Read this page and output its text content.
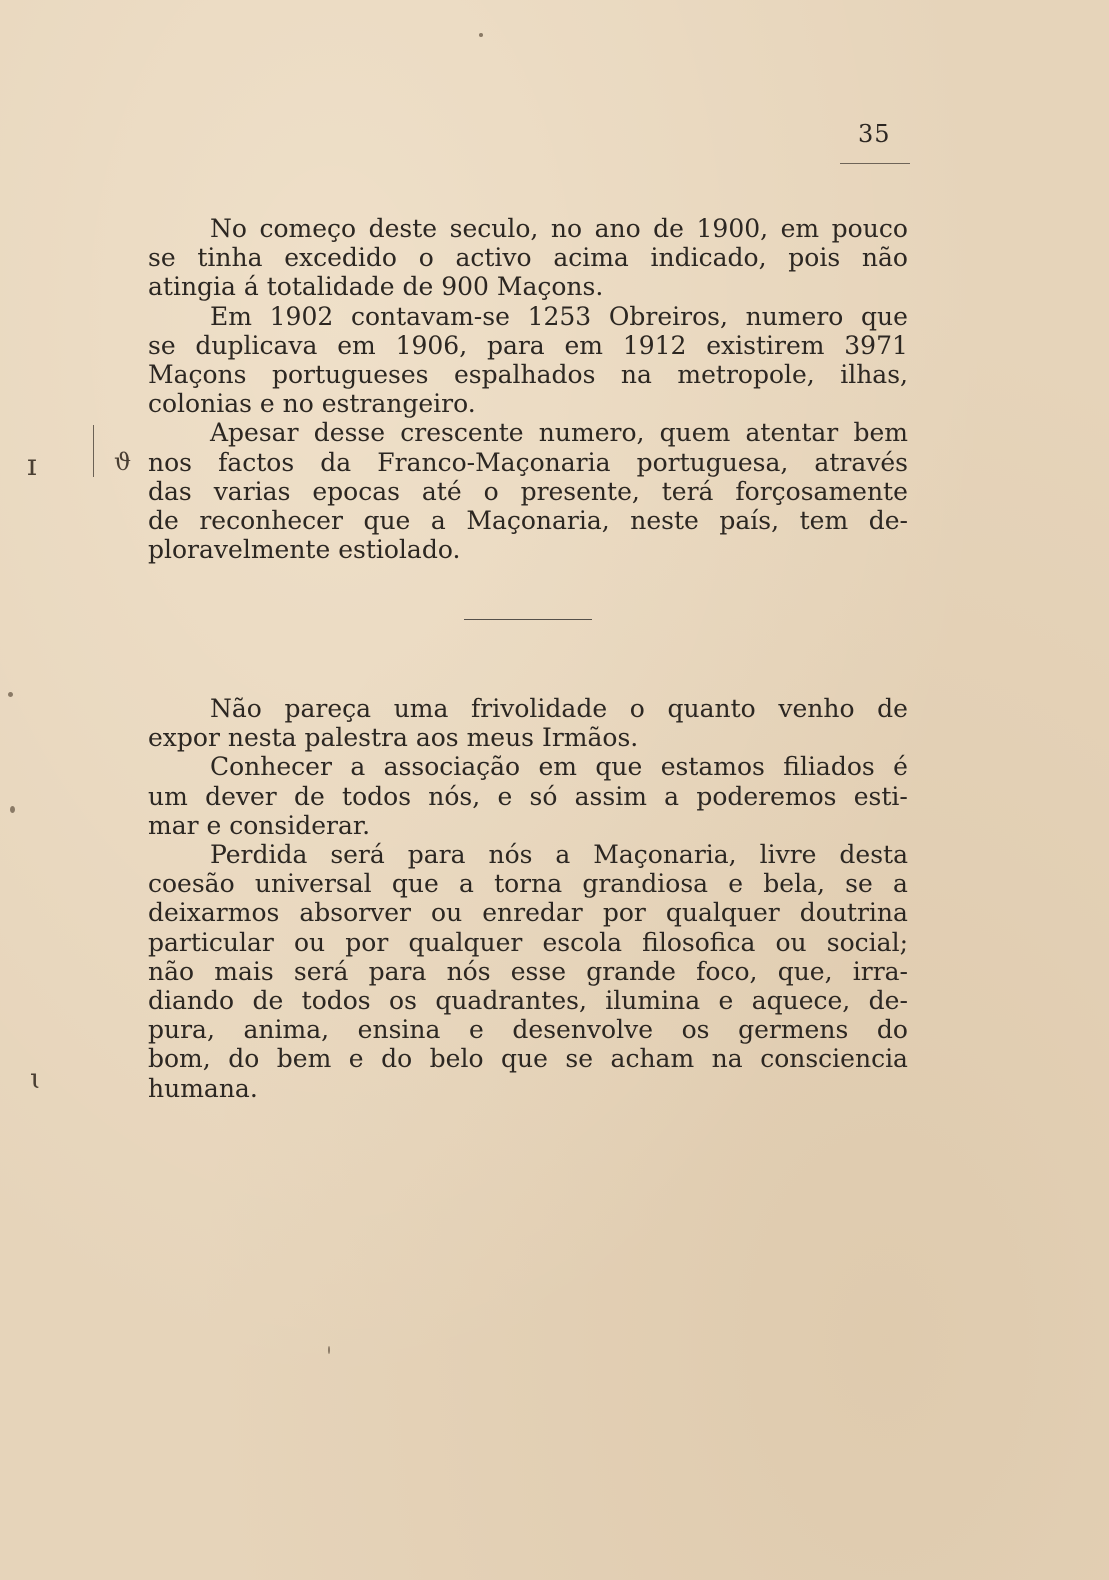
35
No começo deste seculo, no ano de 1900, em pouco
se tinha excedido o activo acima indicado, pois não
atingia á totalidade de 900 Maçons.
Em 1902 contavam-se 1253 Obreiros, numero que
se duplicava em 1906, para em 1912 existirem 3971
Maçons portugueses espalhados na metropole, ilhas,
colonias e no estrangeiro.
Apesar desse crescente numero, quem atentar bem
nos factos da Franco-Maçonaria portuguesa, através
das varias epocas até o presente, terá forçosamente
de reconhecer que a Maçonaria, neste país, tem de-
ploravelmente estiolado.
Não pareça uma frivolidade o quanto venho de
expor nesta palestra aos meus Irmãos.
Conhecer a associação em que estamos filiados é
um dever de todos nós, e só assim a poderemos esti-
mar e considerar.
Perdida será para nós a Maçonaria, livre desta
coesão universal que a torna grandiosa e bela, se a
deixarmos absorver ou enredar por qualquer doutrina
particular ou por qualquer escola filosofica ou social;
não mais será para nós esse grande foco, que, irra-
diando de todos os quadrantes, ilumina e aquece, de-
pura, anima, ensina e desenvolve os germens do
bom, do bem e do belo que se acham na consciencia
humana.
ɪ	ϑ
ɩ
